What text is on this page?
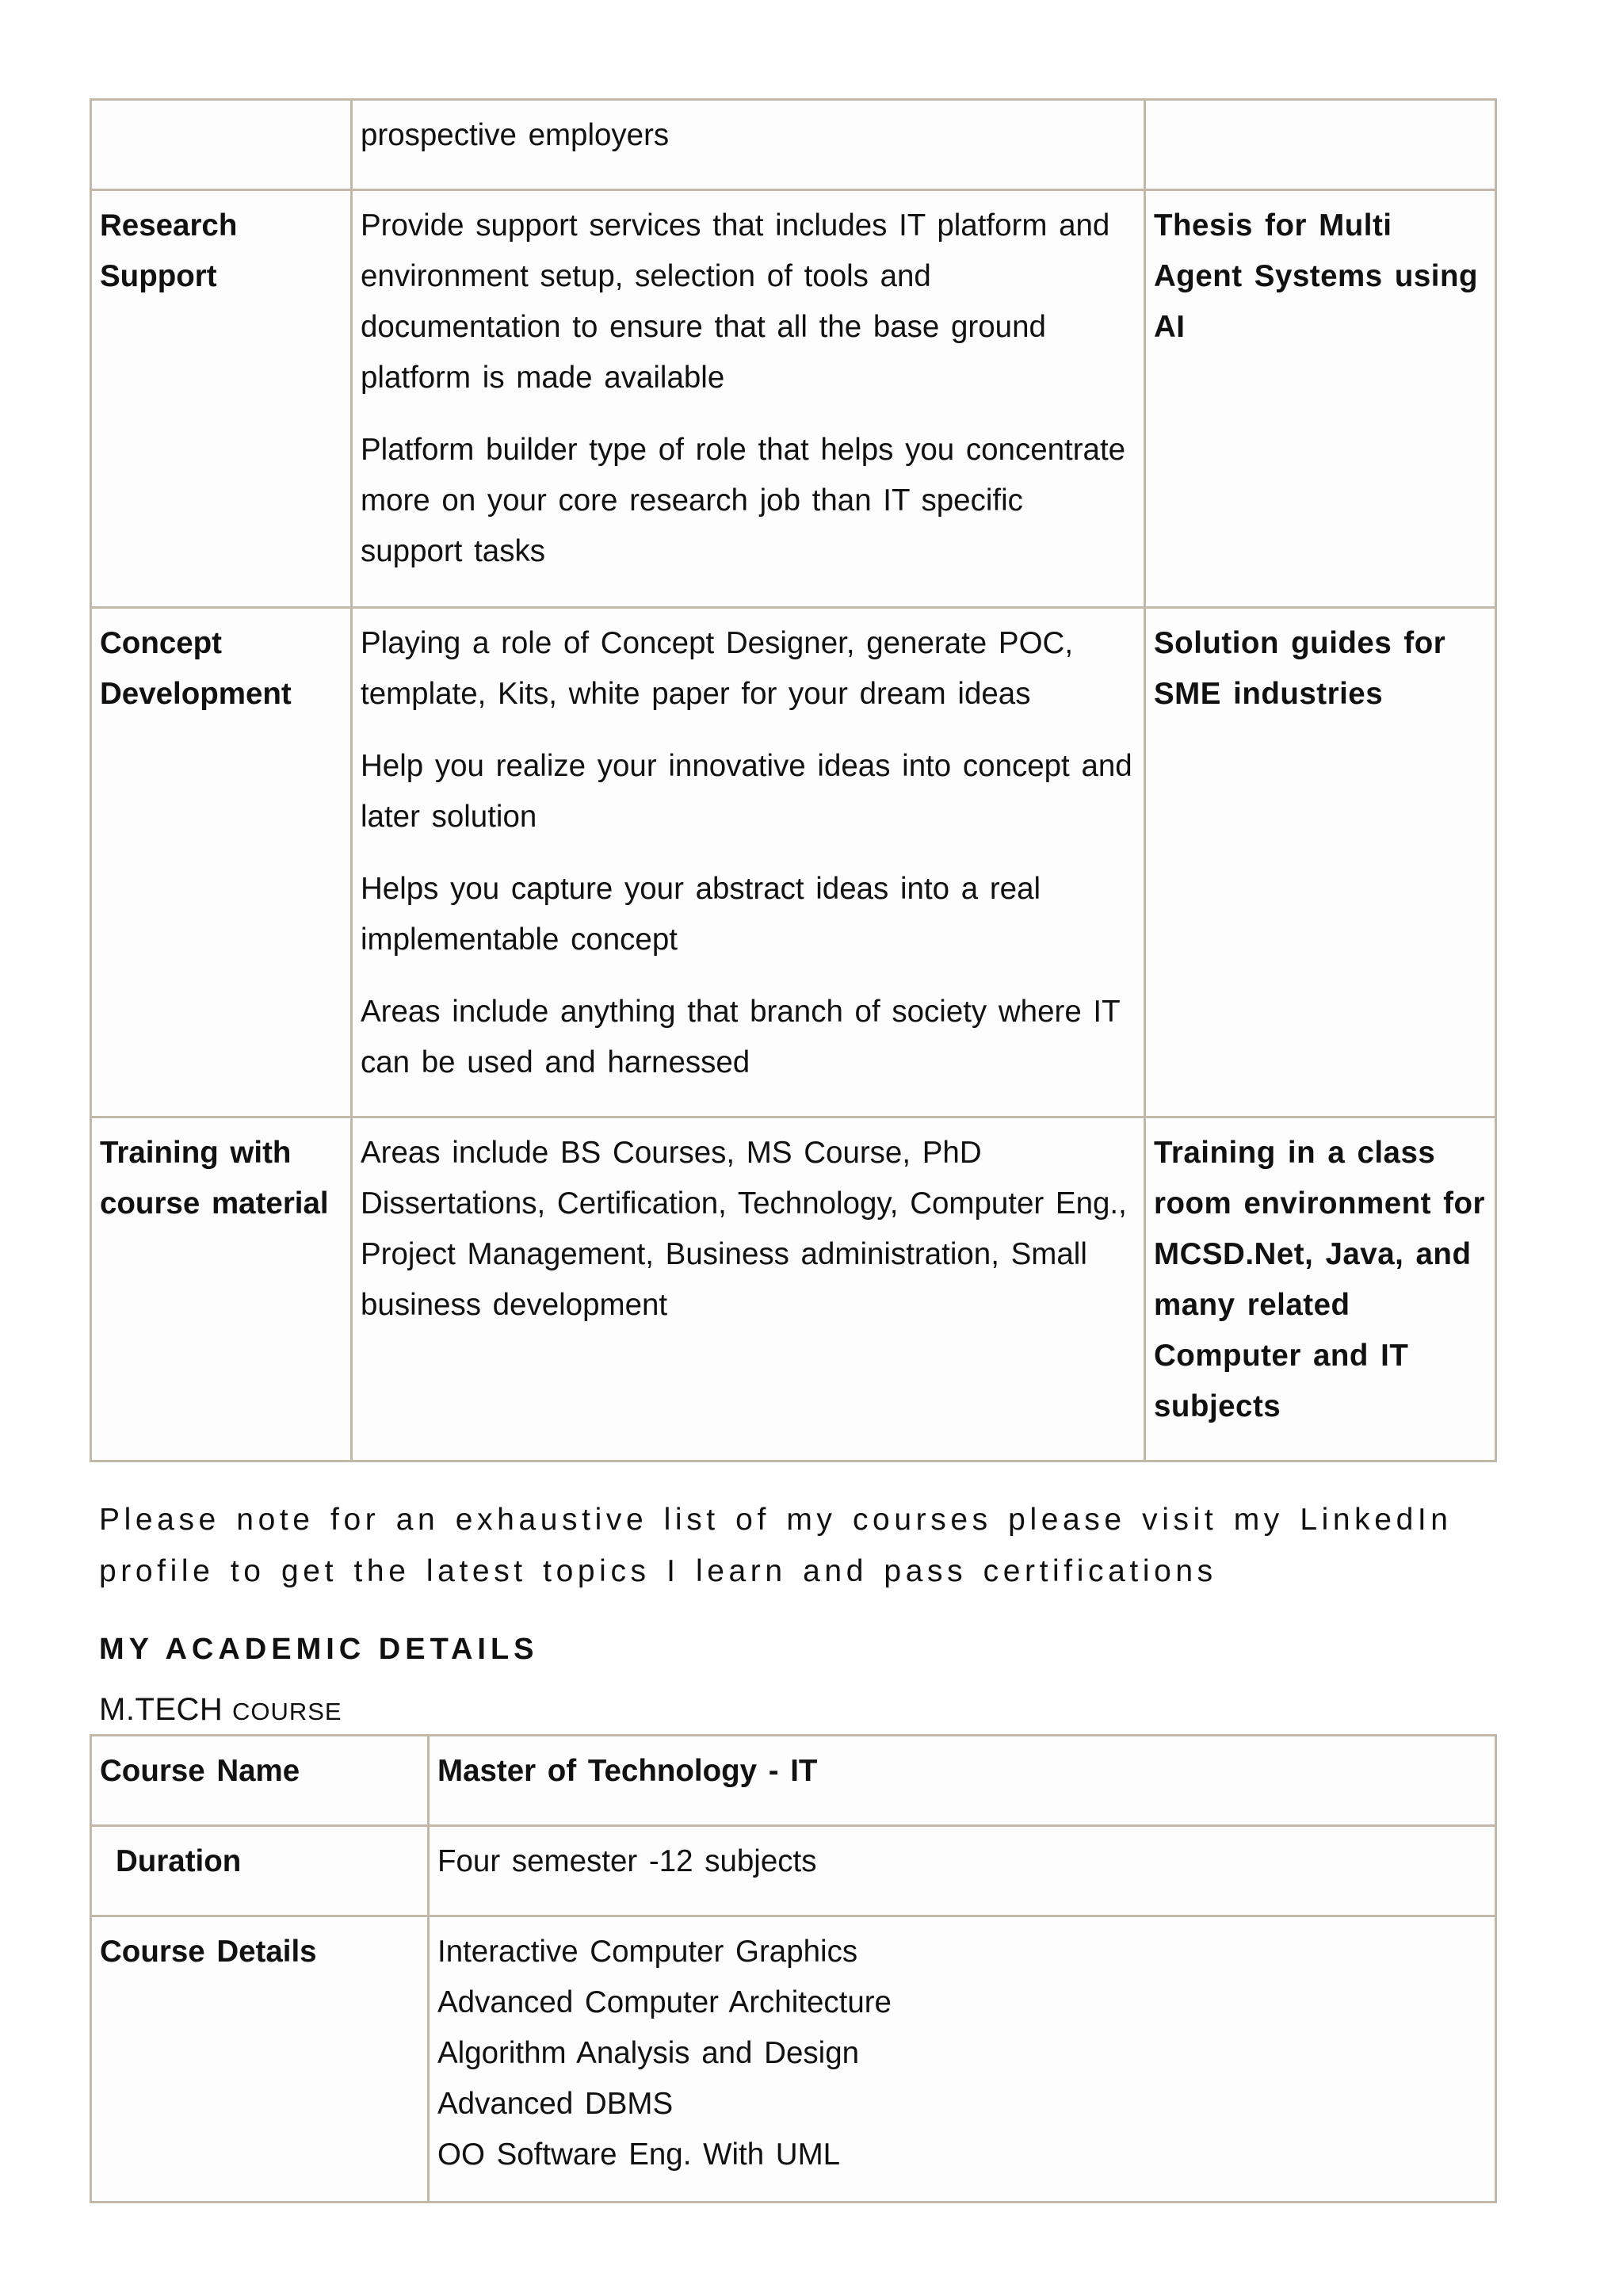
	prospective employers	

Research Support	Provide support services that includes IT platform and environment setup, selection of tools and documentation to ensure that all the base ground platform is made available

Platform builder type of role that helps you concentrate more on your core research job than IT specific support tasks	Thesis for Multi Agent Systems using AI
Concept Development	Playing a role of Concept Designer, generate POC, template, Kits, white paper for your dream ideas

Help you realize your innovative ideas into concept and later solution

Helps you capture your abstract ideas into a real implementable concept

Areas include anything that branch of society where IT can be used and harnessed	Solution guides for SME industries
Training with course material	Areas include BS Courses, MS Course, PhD Dissertations, Certification, Technology, Computer Eng., Project Management, Business administration, Small business development	Training in a class room environment for MCSD.Net, Java, and many related Computer and IT subjects

Please note for an exhaustive list of my courses please visit my LinkedIn profile to get the latest topics I learn and pass certifications

MY ACADEMIC DETAILS

M.TECH COURSE

Course Name	Master of Technology - IT
Duration	Four semester -12 subjects
Course Details	Interactive Computer Graphics
Advanced Computer Architecture
Algorithm Analysis and Design
Advanced DBMS
OO Software Eng. With UML
